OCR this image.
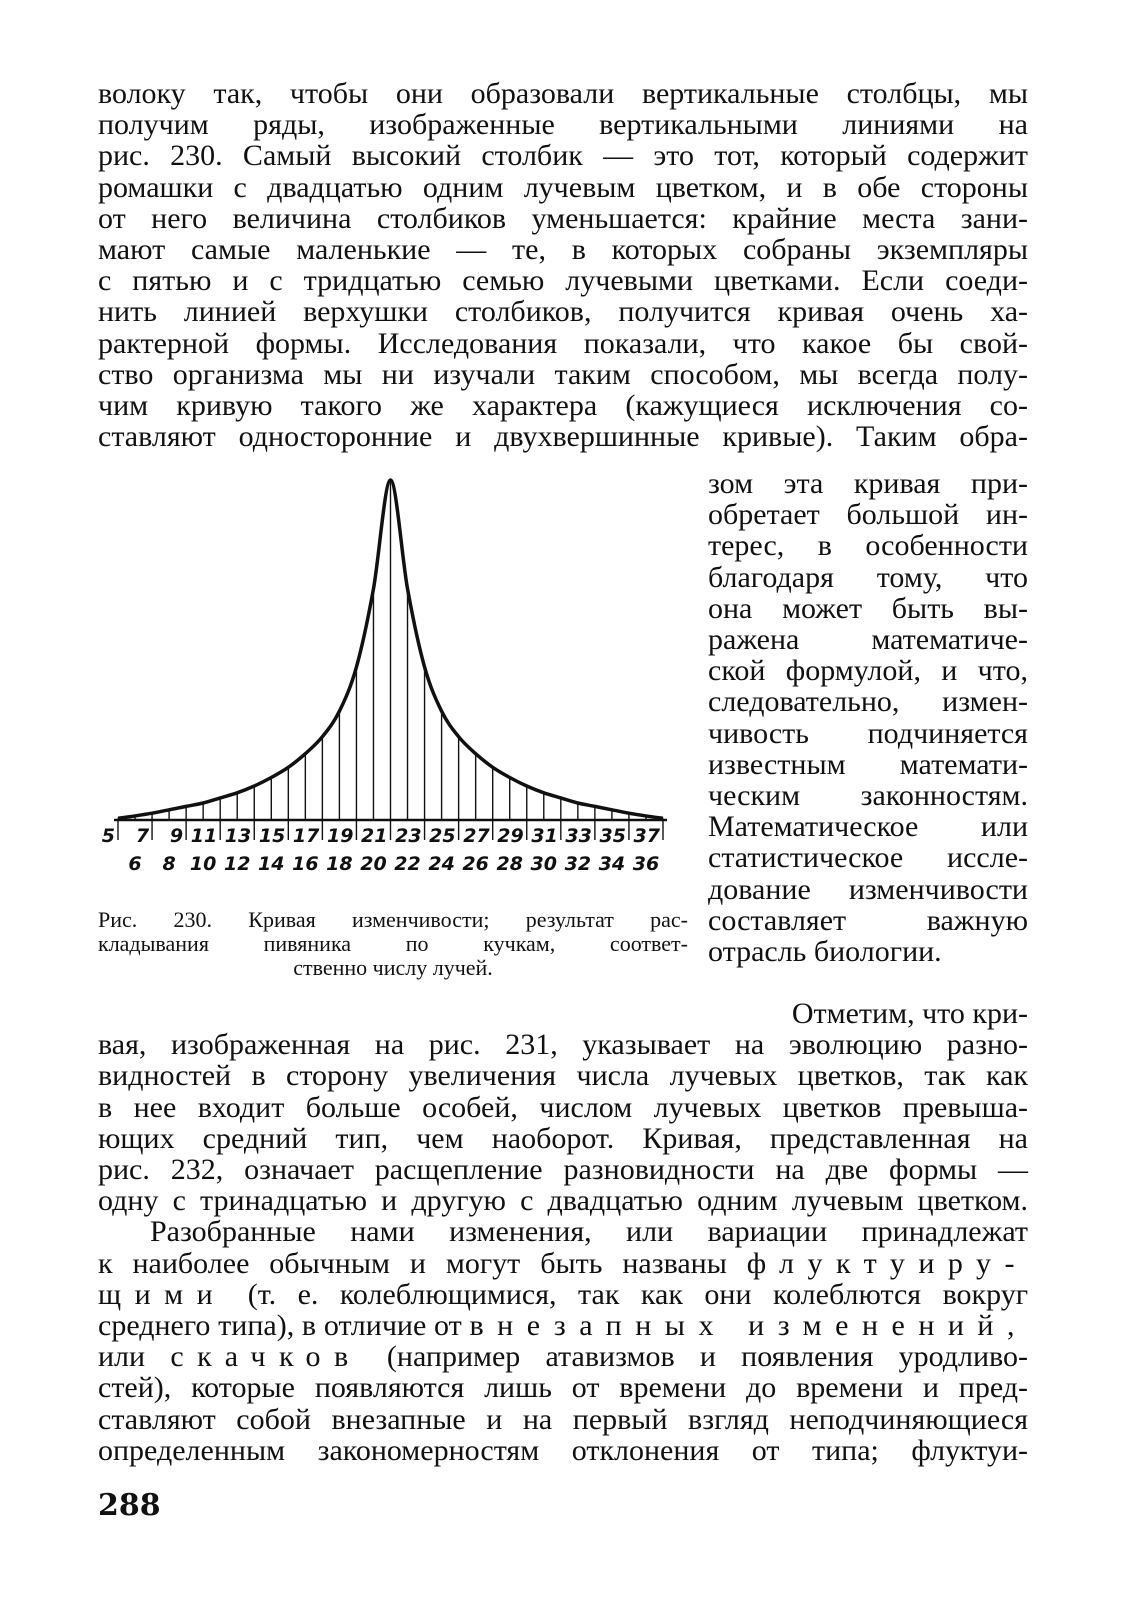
волоку так, чтобы они образовали вертикальные столбцы, мы
получим ряды, изображенные вертикальными линиями на
рис. 230. Самый высокий столбик — это тот, который содержит
ромашки с двадцатью одним лучевым цветком, и в обе стороны
от него величина столбиков уменьшается: крайние места зани-
мают самые маленькие — те, в которых собраны экземпляры
с пятью и с тридцатью семью лучевыми цветками. Если соеди-
нить линией верхушки столбиков, получится кривая очень ха-
рактерной формы. Исследования показали, что какое бы свой-
ство организма мы ни изучали таким способом, мы всегда полу-
чим кривую такого же характера (кажущиеся исключения со-
ставляют односторонние и двухвершинные кривые). Таким обра-
5 7 9 11 13 15 17 19 21 23 25 27 29 31 33 35 37
6 8 10 12 14 16 18 20 22 24 26 28 30 32 34 36
Рис. 230. Кривая изменчивости; результат рас-
кладывания пивяника по кучкам, соответ-
ственно числу лучей.
зом эта кривая при-
обретает большой ин-
терес, в особенности
благодаря тому, что
она может быть вы-
ражена математиче-
ской формулой, и что,
следовательно, измен-
чивость подчиняется
известным математи-
ческим законностям.
Математическое или
статистическое иссле-
дование изменчивости
составляет важную
отрасль биологии.
Отметим, что кри-
вая, изображенная на рис. 231, указывает на эволюцию разно-
видностей в сторону увеличения числа лучевых цветков, так как
в нее входит больше особей, числом лучевых цветков превыша-
ющих средний тип, чем наоборот. Кривая, представленная на
рис. 232, означает расщепление разновидности на две формы —
одну с тринадцатью и другую с двадцатью одним лучевым цветком.
Разобранные нами изменения, или вариации принадлежат
к наиболее обычным и могут быть названы флуктуиру-
щими (т. е. колеблющимися, так как они колеблются вокруг
среднего типа), в отличие от внезапных изменений,
или скачков (например атавизмов и появления уродливо-
стей), которые появляются лишь от времени до времени и пред-
ставляют собой внезапные и на первый взгляд неподчиняющиеся
определенным закономерностям отклонения от типа; флуктуи-
288
